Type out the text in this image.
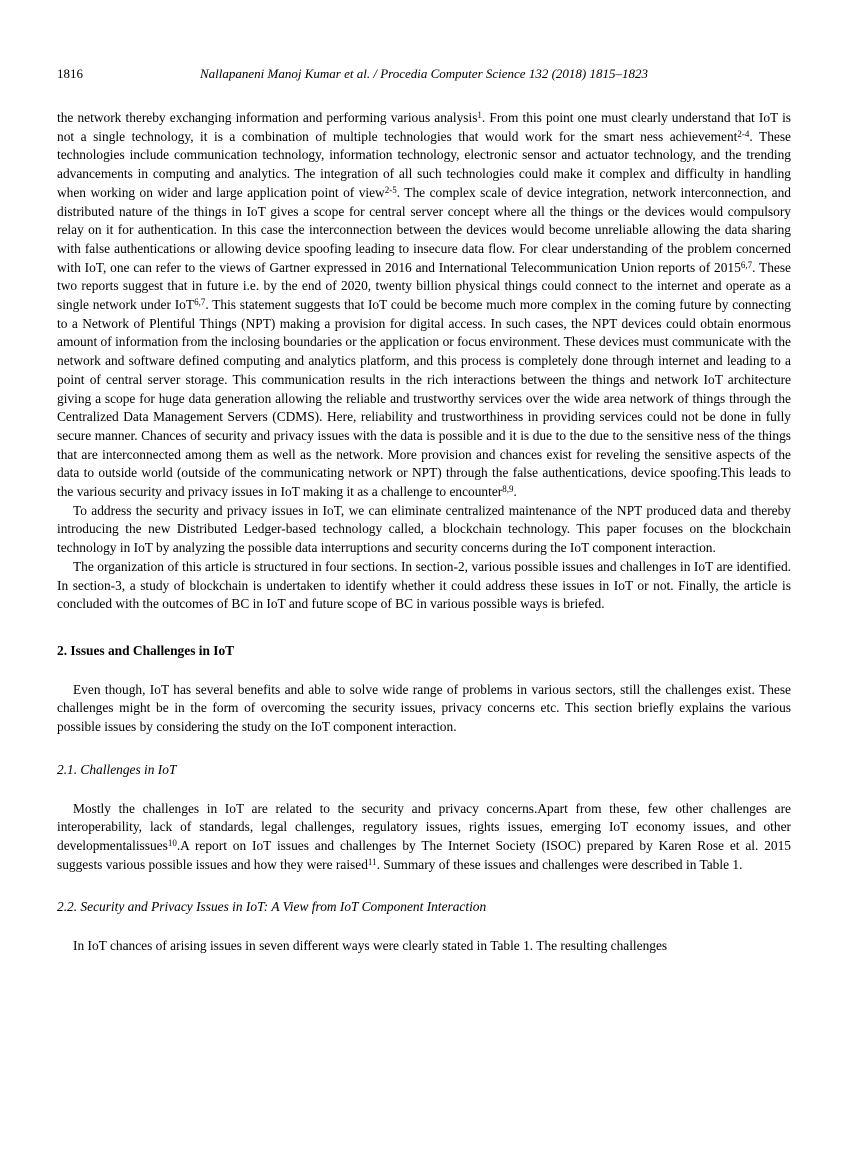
1816	Nallapaneni Manoj Kumar et al. / Procedia Computer Science 132 (2018) 1815–1823

the network thereby exchanging information and performing various analysis$^1$. From this point one must clearly understand that IoT is not a single technology, it is a combination of multiple technologies that would work for the smart ness achievement$^{2-4}$. These technologies include communication technology, information technology, electronic sensor and actuator technology, and the trending advancements in computing and analytics. The integration of all such technologies could make it complex and difficulty in handling when working on wider and large application point of view$^{2-5}$. The complex scale of device integration, network interconnection, and distributed nature of the things in IoT gives a scope for central server concept where all the things or the devices would compulsory relay on it for authentication. In this case the interconnection between the devices would become unreliable allowing the data sharing with false authentications or allowing device spoofing leading to insecure data flow. For clear understanding of the problem concerned with IoT, one can refer to the views of Gartner expressed in 2016 and International Telecommunication Union reports of 2015$^{6,7}$. These two reports suggest that in future i.e. by the end of 2020, twenty billion physical things could connect to the internet and operate as a single network under IoT$^{6,7}$. This statement suggests that IoT could be become much more complex in the coming future by connecting to a Network of Plentiful Things (NPT) making a provision for digital access. In such cases, the NPT devices could obtain enormous amount of information from the inclosing boundaries or the application or focus environment. These devices must communicate with the network and software defined computing and analytics platform, and this process is completely done through internet and leading to a point of central server storage. This communication results in the rich interactions between the things and network IoT architecture giving a scope for huge data generation allowing the reliable and trustworthy services over the wide area network of things through the Centralized Data Management Servers (CDMS). Here, reliability and trustworthiness in providing services could not be done in fully secure manner. Chances of security and privacy issues with the data is possible and it is due to the due to the sensitive ness of the things that are interconnected among them as well as the network. More provision and chances exist for reveling the sensitive aspects of the data to outside world (outside of the communicating network or NPT) through the false authentications, device spoofing.This leads to the various security and privacy issues in IoT making it as a challenge to encounter$^{8,9}$.

To address the security and privacy issues in IoT, we can eliminate centralized maintenance of the NPT produced data and thereby introducing the new Distributed Ledger-based technology called, a blockchain technology. This paper focuses on the blockchain technology in IoT by analyzing the possible data interruptions and security concerns during the IoT component interaction.

The organization of this article is structured in four sections. In section-2, various possible issues and challenges in IoT are identified. In section-3, a study of blockchain is undertaken to identify whether it could address these issues in IoT or not. Finally, the article is concluded with the outcomes of BC in IoT and future scope of BC in various possible ways is briefed.

2. Issues and Challenges in IoT

Even though, IoT has several benefits and able to solve wide range of problems in various sectors, still the challenges exist. These challenges might be in the form of overcoming the security issues, privacy concerns etc. This section briefly explains the various possible issues by considering the study on the IoT component interaction.

2.1. Challenges in IoT

Mostly the challenges in IoT are related to the security and privacy concerns.Apart from these, few other challenges are interoperability, lack of standards, legal challenges, regulatory issues, rights issues, emerging IoT economy issues, and other developmentalissues$^{10}$.A report on IoT issues and challenges by The Internet Society (ISOC) prepared by Karen Rose et al. 2015 suggests various possible issues and how they were raised$^{11}$. Summary of these issues and challenges were described in Table 1.

2.2. Security and Privacy Issues in IoT: A View from IoT Component Interaction

In IoT chances of arising issues in seven different ways were clearly stated in Table 1. The resulting challenges
